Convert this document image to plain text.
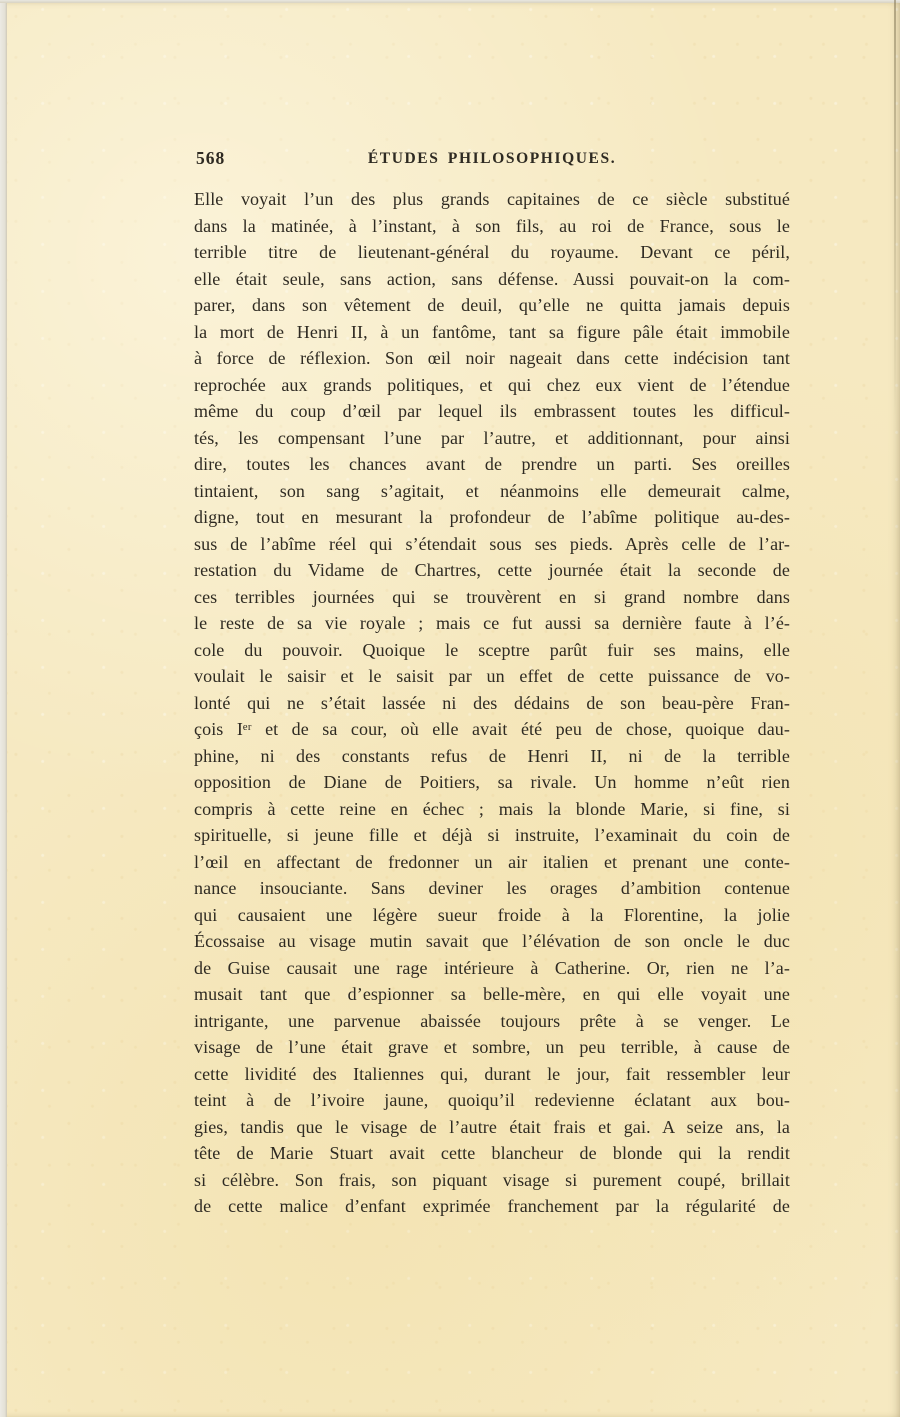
568	ÉTUDES PHILOSOPHIQUES.
Elle voyait l’un des plus grands capitaines de ce siècle substitué
dans la matinée, à l’instant, à son fils, au roi de France, sous le
terrible titre de lieutenant-général du royaume. Devant ce péril,
elle était seule, sans action, sans défense. Aussi pouvait-on la com-
parer, dans son vêtement de deuil, qu’elle ne quitta jamais depuis
la mort de Henri II, à un fantôme, tant sa figure pâle était immobile
à force de réflexion. Son œil noir nageait dans cette indécision tant
reprochée aux grands politiques, et qui chez eux vient de l’étendue
même du coup d’œil par lequel ils embrassent toutes les difficul-
tés, les compensant l’une par l’autre, et additionnant, pour ainsi
dire, toutes les chances avant de prendre un parti. Ses oreilles
tintaient, son sang s’agitait, et néanmoins elle demeurait calme,
digne, tout en mesurant la profondeur de l’abîme politique au-des-
sus de l’abîme réel qui s’étendait sous ses pieds. Après celle de l’ar-
restation du Vidame de Chartres, cette journée était la seconde de
ces terribles journées qui se trouvèrent en si grand nombre dans
le reste de sa vie royale ; mais ce fut aussi sa dernière faute à l’é-
cole du pouvoir. Quoique le sceptre parût fuir ses mains, elle
voulait le saisir et le saisit par un effet de cette puissance de vo-
lonté qui ne s’était lassée ni des dédains de son beau-père Fran-
çois Iᵉʳ et de sa cour, où elle avait été peu de chose, quoique dau-
phine, ni des constants refus de Henri II, ni de la terrible
opposition de Diane de Poitiers, sa rivale. Un homme n’eût rien
compris à cette reine en échec ; mais la blonde Marie, si fine, si
spirituelle, si jeune fille et déjà si instruite, l’examinait du coin de
l’œil en affectant de fredonner un air italien et prenant une conte-
nance insouciante. Sans deviner les orages d’ambition contenue
qui causaient une légère sueur froide à la Florentine, la jolie
Écossaise au visage mutin savait que l’élévation de son oncle le duc
de Guise causait une rage intérieure à Catherine. Or, rien ne l’a-
musait tant que d’espionner sa belle-mère, en qui elle voyait une
intrigante, une parvenue abaissée toujours prête à se venger. Le
visage de l’une était grave et sombre, un peu terrible, à cause de
cette lividité des Italiennes qui, durant le jour, fait ressembler leur
teint à de l’ivoire jaune, quoiqu’il redevienne éclatant aux bou-
gies, tandis que le visage de l’autre était frais et gai. A seize ans, la
tête de Marie Stuart avait cette blancheur de blonde qui la rendit
si célèbre. Son frais, son piquant visage si purement coupé, brillait
de cette malice d’enfant exprimée franchement par la régularité de
